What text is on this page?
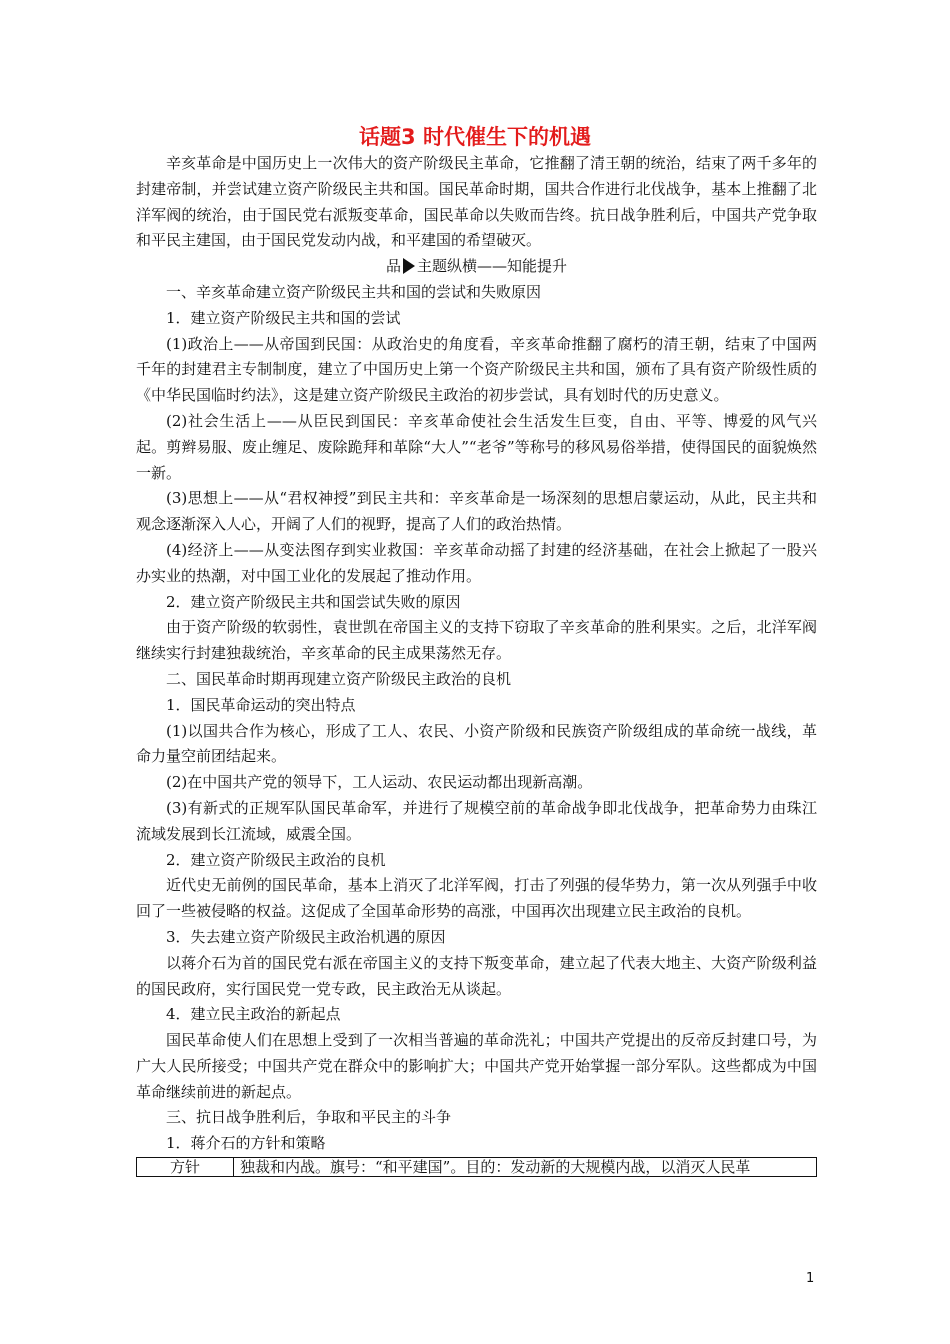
话题3 时代催生下的机遇

辛亥革命是中国历史上一次伟大的资产阶级民主革命，它推翻了清王朝的统治，结束了两千多年的封建帝制，并尝试建立资产阶级民主共和国。国民革命时期，国共合作进行北伐战争，基本上推翻了北洋军阀的统治，由于国民党右派叛变革命，国民革命以失败而告终。抗日战争胜利后，中国共产党争取和平民主建国，由于国民党发动内战，和平建国的希望破灭。

品 主题纵横——知能提升

一、辛亥革命建立资产阶级民主共和国的尝试和失败原因

1．建立资产阶级民主共和国的尝试

(1)政治上——从帝国到民国：从政治史的角度看，辛亥革命推翻了腐朽的清王朝，结束了中国两千年的封建君主专制制度，建立了中国历史上第一个资产阶级民主共和国，颁布了具有资产阶级性质的《中华民国临时约法》，这是建立资产阶级民主政治的初步尝试，具有划时代的历史意义。

(2)社会生活上——从臣民到国民：辛亥革命使社会生活发生巨变，自由、平等、博爱的风气兴起。剪辫易服、废止缠足、废除跪拜和革除“大人”“老爷”等称号的移风易俗举措，使得国民的面貌焕然一新。

(3)思想上——从“君权神授”到民主共和：辛亥革命是一场深刻的思想启蒙运动，从此，民主共和观念逐渐深入人心，开阔了人们的视野，提高了人们的政治热情。

(4)经济上——从变法图存到实业救国：辛亥革命动摇了封建的经济基础，在社会上掀起了一股兴办实业的热潮，对中国工业化的发展起了推动作用。

2．建立资产阶级民主共和国尝试失败的原因

由于资产阶级的软弱性，袁世凯在帝国主义的支持下窃取了辛亥革命的胜利果实。之后，北洋军阀继续实行封建独裁统治，辛亥革命的民主成果荡然无存。

二、国民革命时期再现建立资产阶级民主政治的良机

1．国民革命运动的突出特点

(1)以国共合作为核心，形成了工人、农民、小资产阶级和民族资产阶级组成的革命统一战线，革命力量空前团结起来。

(2)在中国共产党的领导下，工人运动、农民运动都出现新高潮。

(3)有新式的正规军队国民革命军，并进行了规模空前的革命战争即北伐战争，把革命势力由珠江流域发展到长江流域，威震全国。

2．建立资产阶级民主政治的良机

近代史无前例的国民革命，基本上消灭了北洋军阀，打击了列强的侵华势力，第一次从列强手中收回了一些被侵略的权益。这促成了全国革命形势的高涨，中国再次出现建立民主政治的良机。

3．失去建立资产阶级民主政治机遇的原因

以蒋介石为首的国民党右派在帝国主义的支持下叛变革命，建立起了代表大地主、大资产阶级利益的国民政府，实行国民党一党专政，民主政治无从谈起。

4．建立民主政治的新起点

国民革命使人们在思想上受到了一次相当普遍的革命洗礼；中国共产党提出的反帝反封建口号，为广大人民所接受；中国共产党在群众中的影响扩大；中国共产党开始掌握一部分军队。这些都成为中国革命继续前进的新起点。

三、抗日战争胜利后，争取和平民主的斗争

1．蒋介石的方针和策略

方针	独裁和内战。旗号：“和平建国”。目的：发动新的大规模内战，以消灭人民革
1
